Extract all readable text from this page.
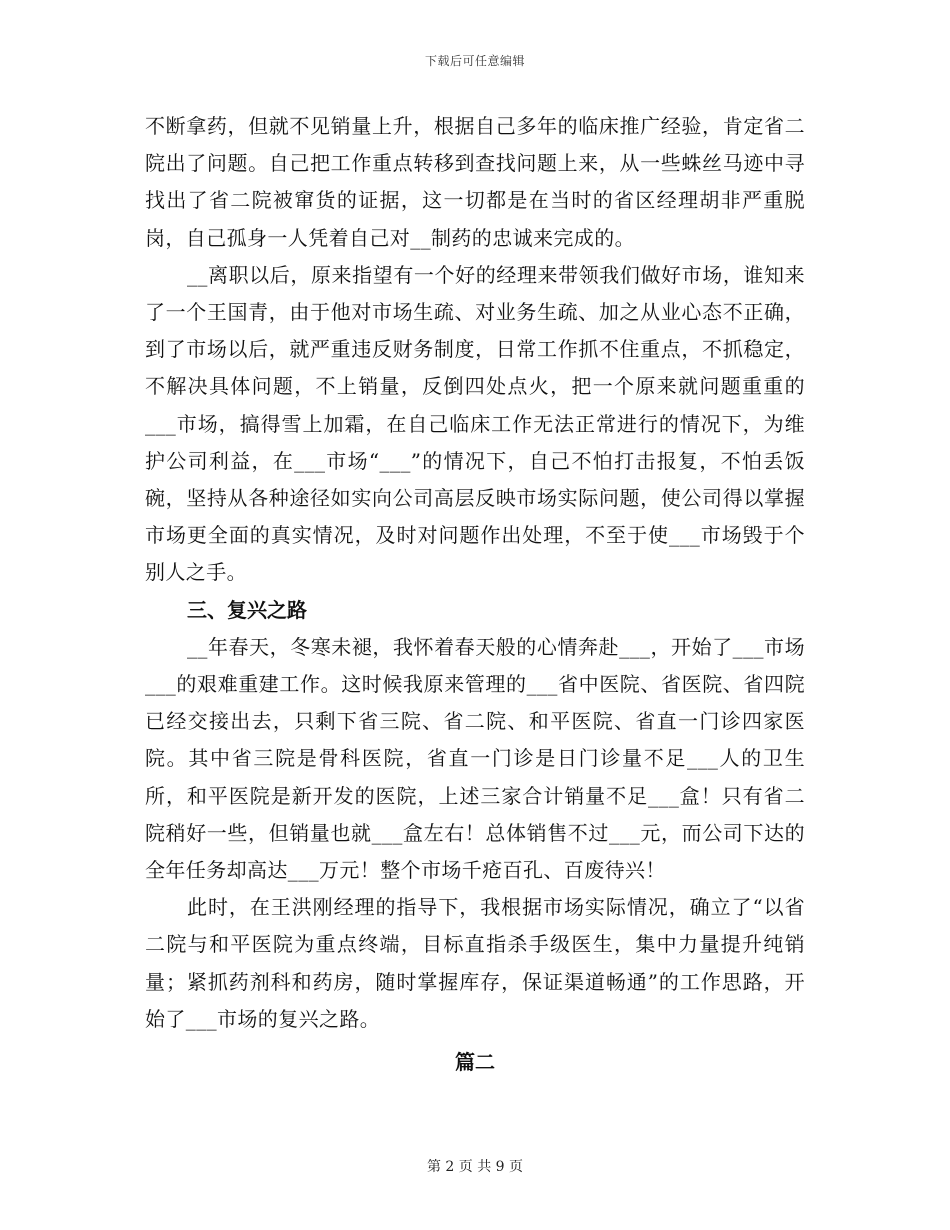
下载后可任意编辑

不断拿药，但就不见销量上升，根据自己多年的临床推广经验，肯定省二院出了问题。自己把工作重点转移到查找问题上来，从一些蛛丝马迹中寻找出了省二院被窜货的证据，这一切都是在当时的省区经理胡非严重脱岗，自己孤身一人凭着自己对__制药的忠诚来完成的。

__离职以后，原来指望有一个好的经理来带领我们做好市场，谁知来了一个王国青，由于他对市场生疏、对业务生疏、加之从业心态不正确，到了市场以后，就严重违反财务制度，日常工作抓不住重点，不抓稳定，不解决具体问题，不上销量，反倒四处点火，把一个原来就问题重重的___市场，搞得雪上加霜，在自己临床工作无法正常进行的情况下，为维护公司利益，在___市场“___”的情况下，自己不怕打击报复，不怕丢饭碗，坚持从各种途径如实向公司高层反映市场实际问题，使公司得以掌握市场更全面的真实情况，及时对问题作出处理，不至于使___市场毁于个别人之手。

三、复兴之路

__年春天，冬寒未褪，我怀着春天般的心情奔赴___，开始了___市场___的艰难重建工作。这时候我原来管理的___省中医院、省医院、省四院已经交接出去，只剩下省三院、省二院、和平医院、省直一门诊四家医院。其中省三院是骨科医院，省直一门诊是日门诊量不足___人的卫生所，和平医院是新开发的医院，上述三家合计销量不足___盒！只有省二院稍好一些，但销量也就___盒左右！总体销售不过___元，而公司下达的全年任务却高达___万元！整个市场千疮百孔、百废待兴！

此时，在王洪刚经理的指导下，我根据市场实际情况，确立了“以省二院与和平医院为重点终端，目标直指杀手级医生，集中力量提升纯销量；紧抓药剂科和药房，随时掌握库存，保证渠道畅通”的工作思路，开始了___市场的复兴之路。

篇二

第 2 页 共 9 页
